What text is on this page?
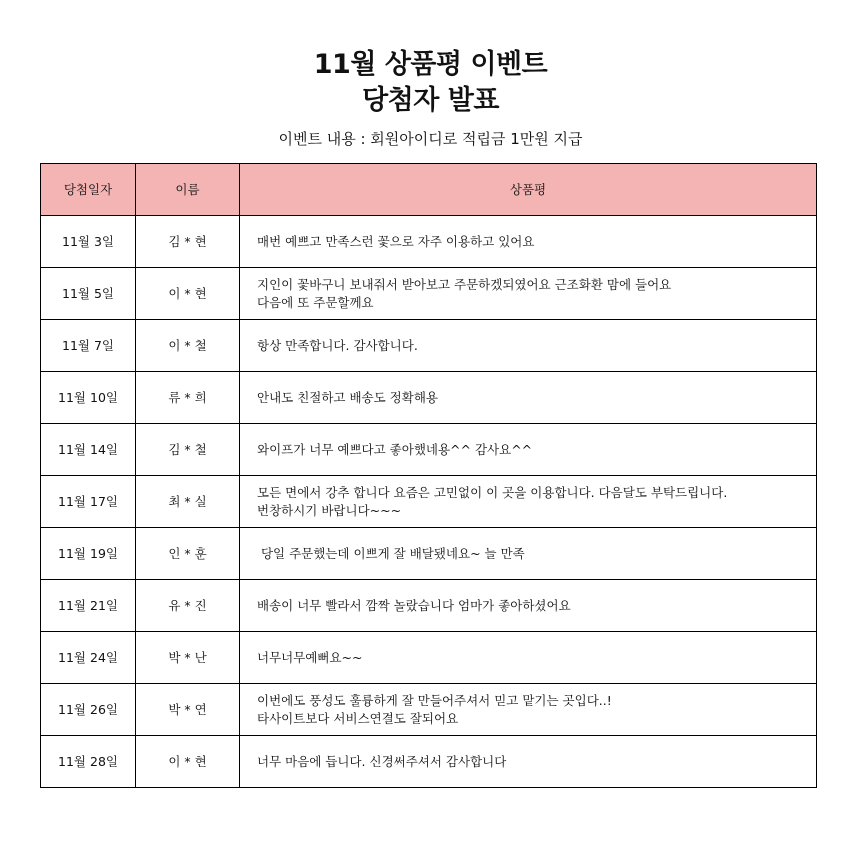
11월 상품평 이벤트
당첨자 발표
이벤트 내용 : 회원아이디로 적립금 1만원 지급
당첨일자	이름	상품평
11월 3일	김 * 현	매번 예쁘고 만족스런 꽃으로 자주 이용하고 있어요

11월 5일	이 * 현	지인이 꽃바구니 보내줘서 받아보고 주문하겠되였어요 근조화환 맘에 들어요
다음에 또 주문할께요

11월 7일	이 * 철	항상 만족합니다. 감사합니다.

11월 10일	류 * 희	안내도 친절하고 배송도 정확해용

11월 14일	김 * 철	와이프가 너무 예쁘다고 좋아했네용^^ 감사요^^

11월 17일	최 * 실	모든 면에서 강추 합니다 요즘은 고민없이 이 곳을 이용합니다. 다음달도 부탁드립니다.
번창하시기 바랍니다~~~

11월 19일	인 * 훈	당일 주문했는데 이쁘게 잘 배달됐네요~ 늘 만족

11월 21일	유 * 진	배송이 너무 빨라서 깜짝 놀랐습니다 엄마가 좋아하셨어요

11월 24일	박 * 난	너무너무예뻐요~~

11월 26일	박 * 연	이번에도 풍성도 훌륭하게 잘 만들어주셔서 믿고 맡기는 곳입다..!
타사이트보다 서비스연결도 잘되어요

11월 28일	이 * 현	너무 마음에 듭니다. 신경써주셔서 감사합니다
